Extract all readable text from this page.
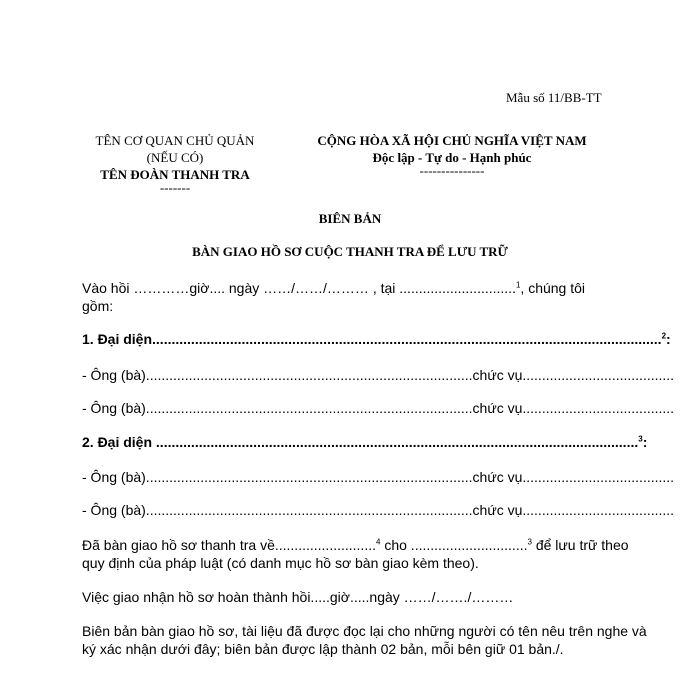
Mẫu số 11/BB-TT
TÊN CƠ QUAN CHỦ QUẢN
(NẾU CÓ)
TÊN ĐOÀN THANH TRA
-------
CỘNG HÒA XÃ HỘI CHỦ NGHĨA VIỆT NAM
Độc lập - Tự do - Hạnh phúc
---------------
BIÊN BẢN
BÀN GIAO HỒ SƠ CUỘC THANH TRA ĐỂ LƯU TRỮ
Vào hồi …………giờ.... ngày ……/……/……… , tại ..............................$^1$, chúng tôi
gồm:
1. Đại diện...................................................................................................................................$^2$:
- Ông (bà)....................................................................................chức vụ.......................................
- Ông (bà)....................................................................................chức vụ.......................................
2. Đại diện ............................................................................................................................$^3$:
- Ông (bà)....................................................................................chức vụ.......................................
- Ông (bà)....................................................................................chức vụ.......................................
Đã bàn giao hồ sơ thanh tra về..........................$^4$ cho ..............................$^3$ để lưu trữ theo
quy định của pháp luật (có danh mục hồ sơ bàn giao kèm theo).
Việc giao nhận hồ sơ hoàn thành hồi.....giờ.....ngày ……/……./………
Biên bản bàn giao hồ sơ, tài liệu đã được đọc lại cho những người có tên nêu trên nghe và
ký xác nhận dưới đây; biên bản được lập thành 02 bản, mỗi bên giữ 01 bản./.
